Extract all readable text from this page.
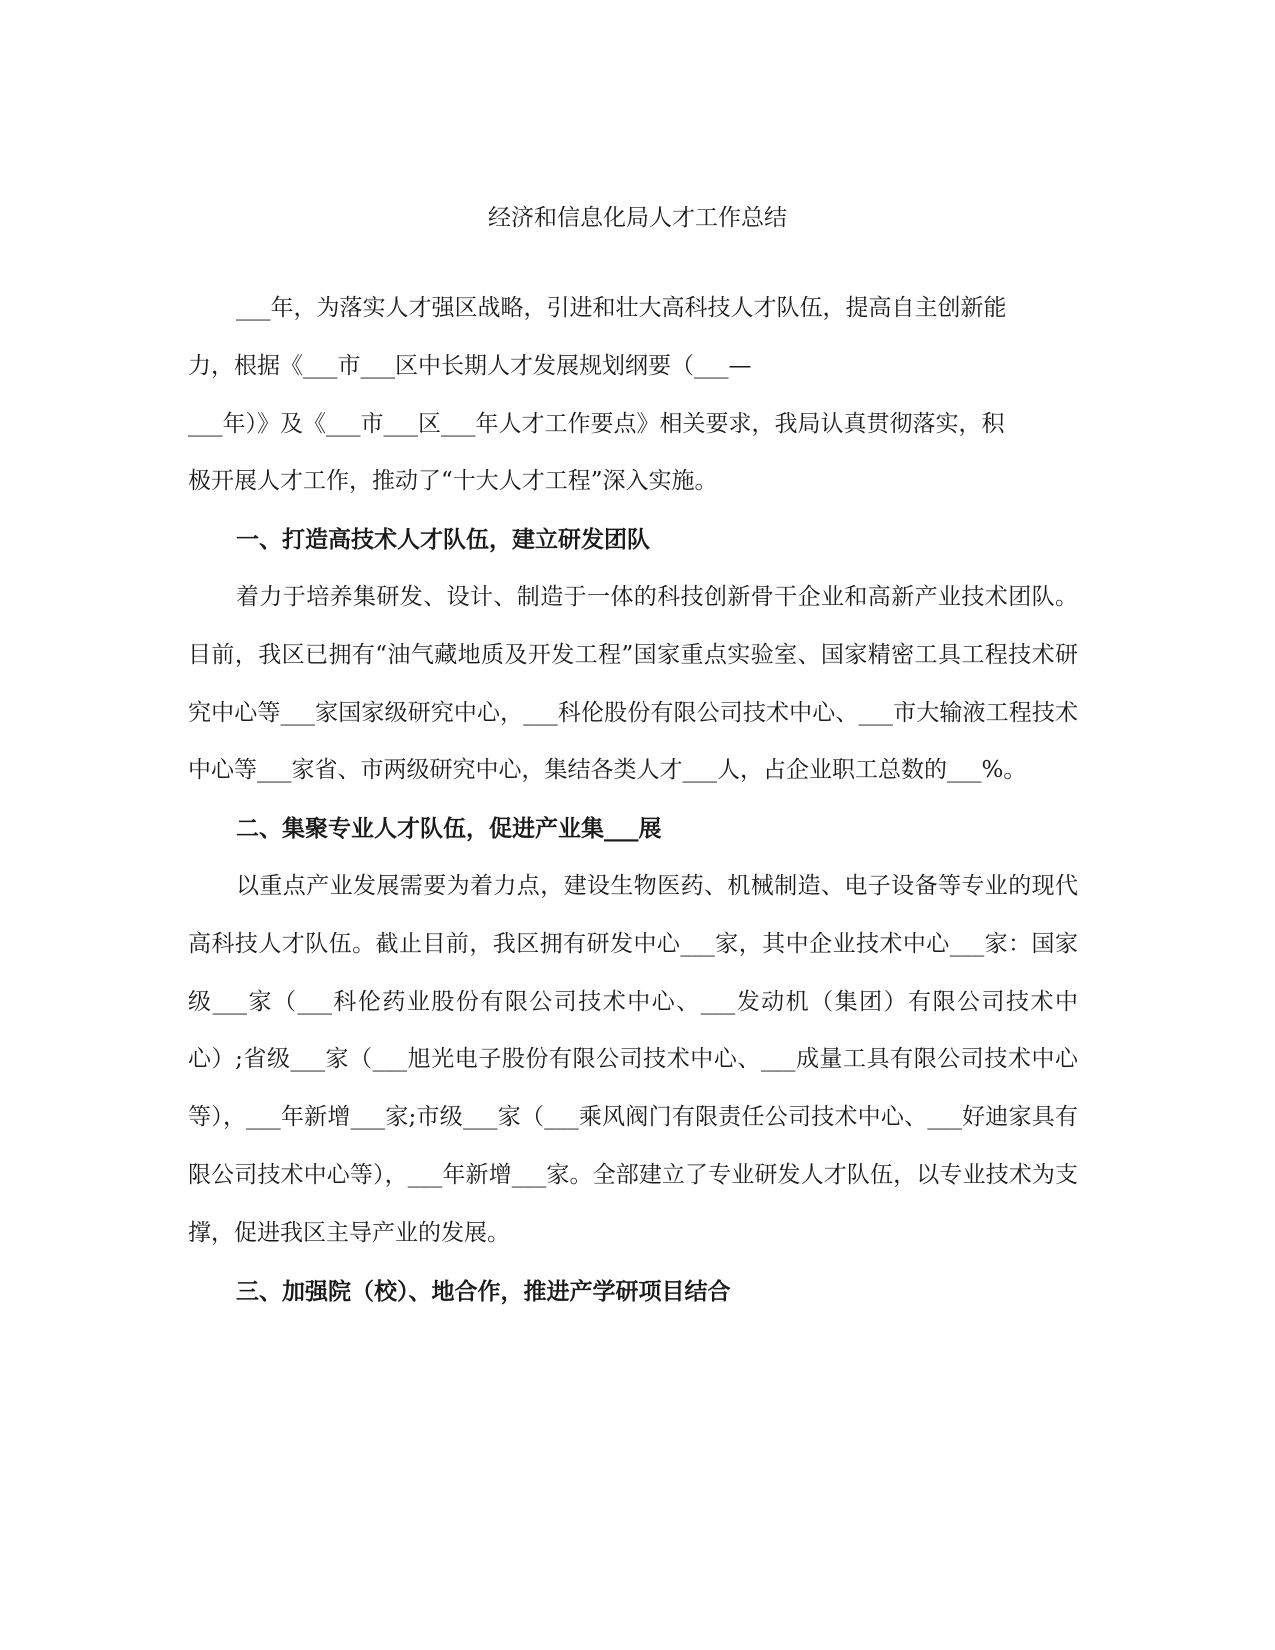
经济和信息化局人才工作总结
___年，为落实人才强区战略，引进和壮大高科技人才队伍，提高自主创新能
力，根据《___市___区中长期人才发展规划纲要（___—
___年）》及《___市___区___年人才工作要点》相关要求，我局认真贯彻落实，积
极开展人才工作，推动了“十大人才工程”深入实施。

一、打造高技术人才队伍，建立研发团队

着力于培养集研发、设计、制造于一体的科技创新骨干企业和高新产业技术团队。目前，我区已拥有“油气藏地质及开发工程”国家重点实验室、国家精密工具工程技术研究中心等___家国家级研究中心，___科伦股份有限公司技术中心、___市大输液工程技术中心等___家省、市两级研究中心，集结各类人才___人，占企业职工总数的___%。

二、集聚专业人才队伍，促进产业集___展

以重点产业发展需要为着力点，建设生物医药、机械制造、电子设备等专业的现代高科技人才队伍。截止目前，我区拥有研发中心___家，其中企业技术中心___家：国家级___家（___科伦药业股份有限公司技术中心、___发动机（集团）有限公司技术中心）;省级___家（___旭光电子股份有限公司技术中心、___成量工具有限公司技术中心等），___年新增___家;市级___家（___乘风阀门有限责任公司技术中心、___好迪家具有限公司技术中心等），___年新增___家。全部建立了专业研发人才队伍，以专业技术为支撑，促进我区主导产业的发展。

三、加强院（校）、地合作，推进产学研项目结合
